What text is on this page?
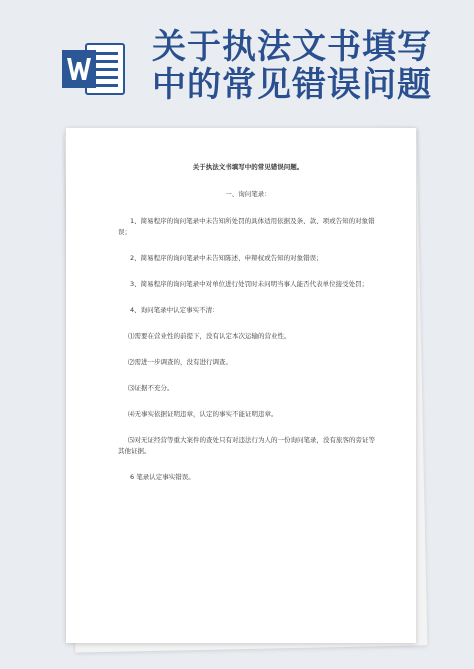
关于执法文书填写
中的常见错误问题
关于执法文书填写中的常见错误问题。
一、询问笔录：

1、简易程序的询问笔录中未告知所处罚的具体适用依据及条、款、项或告知的对象错误；

2、简易程序的询问笔录中未告知陈述、申辩权或告知的对象错误；

3、简易程序的询问笔录中对单位进行处罚时未问明当事人能否代表单位接受处罚；

4、询问笔录中认定事实不清：

⑴需要在营业性的前提下，没有认定本次运输的营业性。

⑵需进一步调查的，没有进行调查。

⑶证据不充分。

⑷无事实依据证明违章，认定的事实不能证明违章。

⑸对无证经营等重大案件的查处只有对违法行为人的一份询问笔录，没有旅客的旁证等其他证据。

6 笔录认定事实错误。
